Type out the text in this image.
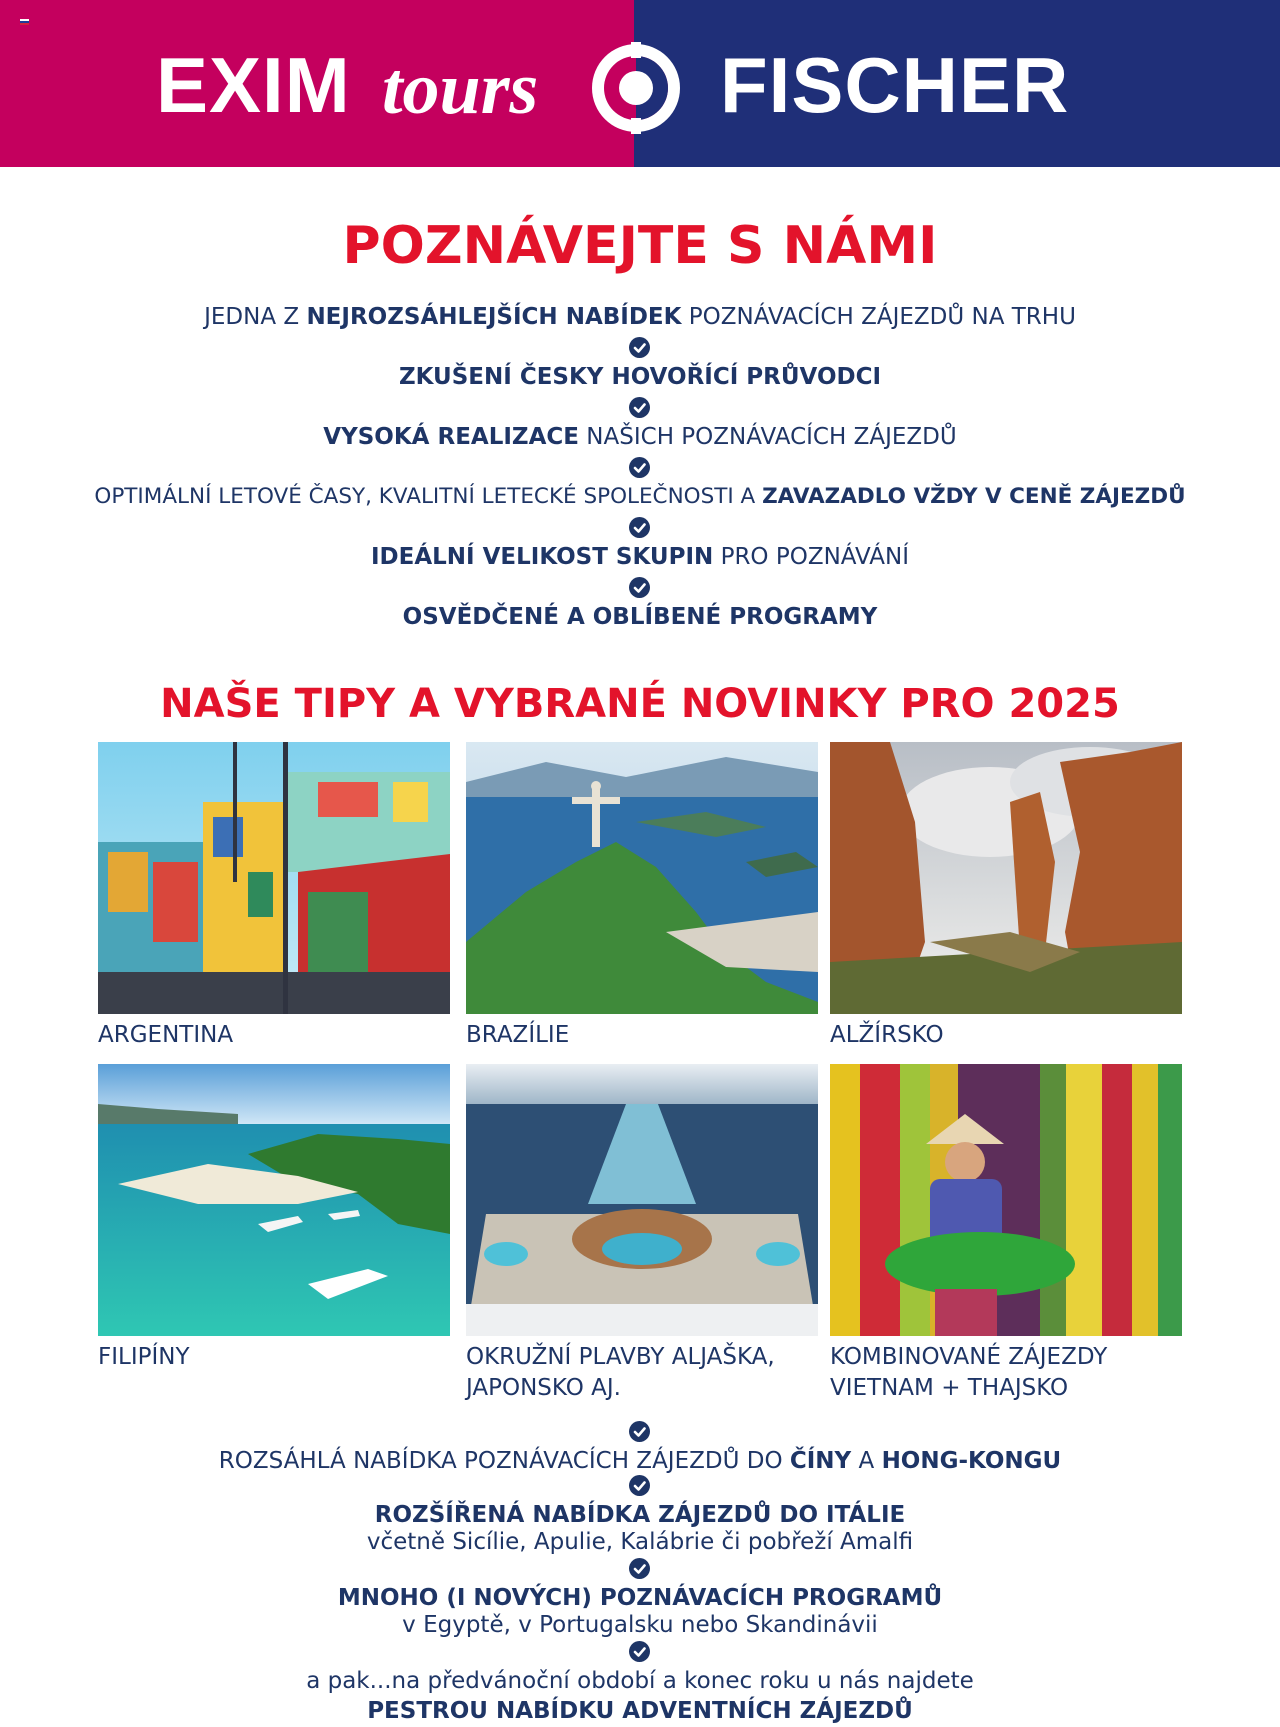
EXIM tours FISCHER
POZNÁVEJTE S NÁMI
JEDNA Z NEJROZSÁHLEJŠÍCH NABÍDEK POZNÁVACÍCH ZÁJEZDŮ NA TRHU
ZKUŠENÍ ČESKY HOVOŘÍCÍ PRŮVODCI
VYSOKÁ REALIZACE NAŠICH POZNÁVACÍCH ZÁJEZDŮ
OPTIMÁLNÍ LETOVÉ ČASY, KVALITNÍ LETECKÉ SPOLEČNOSTI A ZAVAZADLO VŽDY V CENĚ ZÁJEZDŮ
IDEÁLNÍ VELIKOST SKUPIN PRO POZNÁVÁNÍ
OSVĚDČENÉ A OBLÍBENÉ PROGRAMY
NAŠE TIPY A VYBRANÉ NOVINKY PRO 2025
ARGENTINA	BRAZÍLIE	ALŽÍRSKO
FILIPÍNY	OKRUŽNÍ PLAVBY ALJAŠKA,
JAPONSKO AJ.
KOMBINOVANÉ ZÁJEZDY
VIETNAM + THAJSKO
ROZSÁHLÁ NABÍDKA POZNÁVACÍCH ZÁJEZDŮ DO ČÍNY A HONG-KONGU
ROZŠÍŘENÁ NABÍDKA ZÁJEZDŮ DO ITÁLIE
včetně Sicílie, Apulie, Kalábrie či pobřeží Amalfi
MNOHO (I NOVÝCH) POZNÁVACÍCH PROGRAMŮ
v Egyptě, v Portugalsku nebo Skandinávii
a pak...na předvánoční období a konec roku u nás najdete
PESTROU NABÍDKU ADVENTNÍCH ZÁJEZDŮ
